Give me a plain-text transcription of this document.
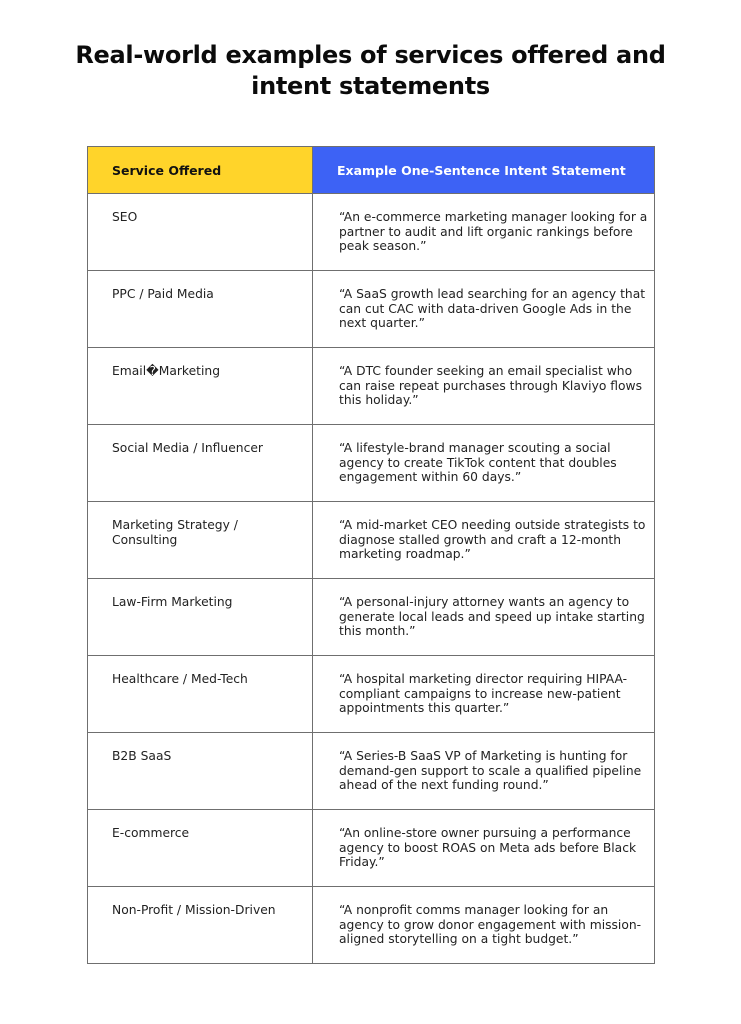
Real-world examples of services offered and intent statements
Service Offered	Example One-Sentence Intent Statement
SEO	“An e-commerce marketing manager looking for a partner to audit and lift organic rankings before peak season.”
PPC / Paid Media	“A SaaS growth lead searching for an agency that can cut CAC with data-driven Google Ads in the next quarter.”
Email�Marketing	“A DTC founder seeking an email specialist who can raise repeat purchases through Klaviyo flows this holiday.”
Social Media / Influencer	“A lifestyle-brand manager scouting a social agency to create TikTok content that doubles engagement within 60 days.”
Marketing Strategy / Consulting	“A mid-market CEO needing outside strategists to diagnose stalled growth and craft a 12-month marketing roadmap.”
Law-Firm Marketing	“A personal-injury attorney wants an agency to generate local leads and speed up intake starting this month.”
Healthcare / Med-Tech	“A hospital marketing director requiring HIPAA-compliant campaigns to increase new-patient appointments this quarter.”
B2B SaaS	“A Series-B SaaS VP of Marketing is hunting for demand-gen support to scale a qualified pipeline ahead of the next funding round.”
E-commerce	“An online-store owner pursuing a performance agency to boost ROAS on Meta ads before Black Friday.”
Non-Profit / Mission-Driven	“A nonprofit comms manager looking for an agency to grow donor engagement with mission-aligned storytelling on a tight budget.”
